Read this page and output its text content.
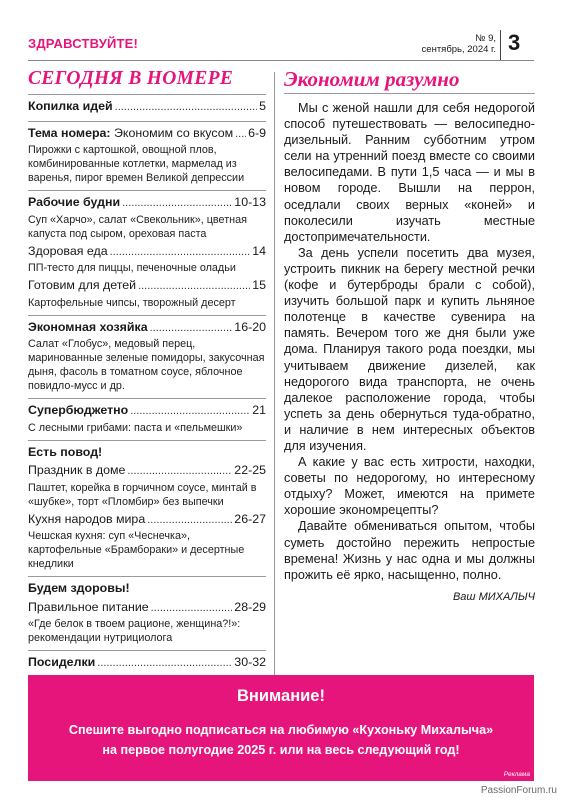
ЗДРАВСТВУЙТЕ!	№ 9,
сентябрь, 2024 г. 3
СЕГОДНЯ В НОМЕРЕ
Копилка идей .....	5
Тема номера: Экономим со вкусом ..... 6-9
Пирожки с картошкой, овощной плов, комбинированные котлетки, мармелад из варенья, пирог времен Великой депрессии
Рабочие будни .....	10-13
Суп «Харчо», салат «Свекольник», цветная капуста под сыром, ореховая паста
Здоровая еда .....	14
ПП-тесто для пиццы, печеночные оладьи
Готовим для детей .....	15
Картофельные чипсы, творожный десерт
Экономная хозяйка .....	16-20
Салат «Глобус», медовый перец, маринованные зеленые помидоры, закусочная дыня, фасоль в томатном соусе, яблочное повидло-мусс и др.
Супербюджетно .....	21
С лесными грибами: паста и «пельмешки»
Есть повод!
Праздник в доме .....	22-25
Паштет, корейка в горчичном соусе, минтай в «шубке», торт «Пломбир» без выпечки
Кухня народов мира .....	26-27
Чешская кухня: суп «Чеснечка», картофельные «Брамбораки» и десертные кнедлики
Будем здоровы!
Правильное питание .....	28-29
«Где белок в твоем рационе, женщина?!»: рекомендации нутрициолога
Посиделки .....	30-32
Экономим разумно

Мы с женой нашли для себя недорогой способ путешествовать — велосипедно-дизельный. Ранним субботним утром сели на утренний поезд вместе со своими велосипедами. В пути 1,5 часа — и мы в новом городе. Вышли на перрон, оседлали своих верных «коней» и поколесили изучать местные достопримечательности.

За день успели посетить два музея, устроить пикник на берегу местной речки (кофе и бутерброды брали с собой), изучить большой парк и купить льняное полотенце в качестве сувенира на память. Вечером того же дня были уже дома. Планируя такого рода поездки, мы учитываем движение дизелей, как недорогого вида транспорта, не очень далекое расположение города, чтобы успеть за день обернуться туда-обратно, и наличие в нем интересных объектов для изучения.

А какие у вас есть хитрости, находки, советы по недорогому, но интересному отдыху? Может, имеются на примете хорошие экономрецепты?

Давайте обмениваться опытом, чтобы суметь достойно пережить непростые времена! Жизнь у нас одна и мы должны прожить её ярко, насыщенно, полно.

Ваш МИХАЛЫЧ
Внимание!
Спешите выгодно подписаться на любимую «Кухоньку Михалыча»
на первое полугодие 2025 г. или на весь следующий год!
Реклама
PassionForum.ru
